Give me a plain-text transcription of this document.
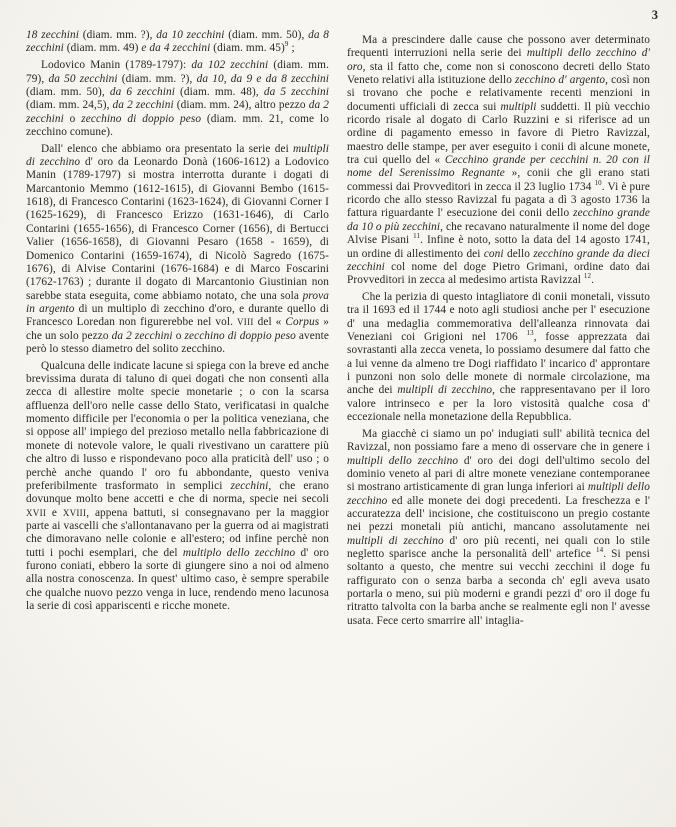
3

18 zecchini (diam. mm. ?), da 10 zecchini (diam. mm. 50), da 8 zecchini (diam. mm. 49) e da 4 zecchini (diam. mm. 45)$^9$ ;

Lodovico Manin (1789-1797): da 102 zecchini (diam. mm. 79), da 50 zecchini (diam. mm. ?), da 10, da 9 e da 8 zecchini (diam. mm. 50), da 6 zecchini (diam. mm. 48), da 5 zecchini (diam. mm. 24,5), da 2 zecchini (diam. mm. 24), altro pezzo da 2 zecchini o zecchino di doppio peso (diam. mm. 21, come lo zecchino comune).

Dall' elenco che abbiamo ora presentato la serie dei multipli di zecchino d' oro da Leonardo Donà (1606-1612) a Lodovico Manin (1789-1797) si mostra interrotta durante i dogati di Marcantonio Memmo (1612-1615), di Giovanni Bembo (1615-1618), di Francesco Contarini (1623-1624), di Giovanni Corner I (1625-1629), di Francesco Erizzo (1631-1646), di Carlo Contarini (1655-1656), di Francesco Corner (1656), di Bertucci Valier (1656-1658), di Giovanni Pesaro (1658 - 1659), di Domenico Contarini (1659-1674), di Nicolò Sagredo (1675-1676), di Alvise Contarini (1676-1684) e di Marco Foscarini (1762-1763) ; durante il dogato di Marcantonio Giustinian non sarebbe stata eseguita, come abbiamo notato, che una sola prova in argento di un multiplo di zecchino d'oro, e durante quello di Francesco Loredan non figurerebbe nel vol. VIII del « Corpus » che un solo pezzo da 2 zecchini o zecchino di doppio peso avente però lo stesso diametro del solito zecchino.

Qualcuna delle indicate lacune si spiega con la breve ed anche brevissima durata di taluno di quei dogati che non consentì alla zecca di allestire molte specie monetarie ; o con la scarsa affluenza dell'oro nelle casse dello Stato, verificatasi in qualche momento difficile per l'economia o per la politica veneziana, che si oppose all' impiego del prezioso metallo nella fabbricazione di monete di notevole valore, le quali rivestivano un carattere più che altro di lusso e rispondevano poco alla praticità dell' uso ; o perchè anche quando l' oro fu abbondante, questo veniva preferibilmente trasformato in semplici zecchini, che erano dovunque molto bene accetti e che di norma, specie nei secoli XVII e XVIII, appena battuti, si consegnavano per la maggior parte ai vascelli che s'allontanavano per la guerra od ai magistrati che dimoravano nelle colonie e all'estero; od infine perchè non tutti i pochi esemplari, che del multiplo dello zecchino d' oro furono coniati, ebbero la sorte di giungere sino a noi od almeno alla nostra conoscenza. In quest' ultimo caso, è sempre sperabile che qualche nuovo pezzo venga in luce, rendendo meno lacunosa la serie di così appariscenti e ricche monete.

Ma a prescindere dalle cause che possono aver determinato frequenti interruzioni nella serie dei multipli dello zecchino d' oro, sta il fatto che, come non si conoscono decreti dello Stato Veneto relativi alla istituzione dello zecchino d' argento, così non si trovano che poche e relativamente recenti menzioni in documenti ufficiali di zecca sui multipli suddetti. Il più vecchio ricordo risale al dogato di Carlo Ruzzini e si riferisce ad un ordine di pagamento emesso in favore di Pietro Ravizzal, maestro delle stampe, per aver eseguito i conii di alcune monete, tra cui quello del « Cecchino grande per cecchini n. 20 con il nome del Serenissimo Regnante », conii che gli erano stati commessi dai Provveditori in zecca il 23 luglio 1734 $^{10}$. Vi è pure ricordo che allo stesso Ravizzal fu pagata a dì 3 agosto 1736 la fattura riguardante l' esecuzione dei conii dello zecchino grande da 10 o più zecchini, che recavano naturalmente il nome del doge Alvise Pisani $^{11}$. Infine è noto, sotto la data del 14 agosto 1741, un ordine di allestimento dei coni dello zecchino grande da dieci zecchini col nome del doge Pietro Grimani, ordine dato dai Provveditori in zecca al medesimo artista Ravizzal $^{12}$.

Che la perizia di questo intagliatore di conii monetali, vissuto tra il 1693 ed il 1744 e noto agli studiosi anche per l' esecuzione d' una medaglia commemorativa dell'alleanza rinnovata dai Veneziani coi Grigioni nel 1706 $^{13}$, fosse apprezzata dai sovrastanti alla zecca veneta, lo possiamo desumere dal fatto che a lui venne da almeno tre Dogi riaffidato l' incarico d' approntare i punzoni non solo delle monete di normale circolazione, ma anche dei multipli di zecchino, che rappresentavano per il loro valore intrinseco e per la loro vistosità qualche cosa d' eccezionale nella monetazione della Repubblica.

Ma giacchè ci siamo un po' indugiati sull' abilità tecnica del Ravizzal, non possiamo fare a meno di osservare che in genere i multipli dello zecchino d' oro dei dogi dell'ultimo secolo del dominio veneto al pari di altre monete veneziane contemporanee si mostrano artisticamente di gran lunga inferiori ai multipli dello zecchino ed alle monete dei dogi precedenti. La freschezza e l' accuratezza dell' incisione, che costituiscono un pregio costante nei pezzi monetali più antichi, mancano assolutamente nei multipli di zecchino d' oro più recenti, nei quali con lo stile negletto sparisce anche la personalità dell' artefice $^{14}$. Si pensi soltanto a questo, che mentre sui vecchi zecchini il doge fu raffigurato con o senza barba a seconda ch' egli aveva usato portarla o meno, sui più moderni e grandi pezzi d' oro il doge fu ritratto talvolta con la barba anche se realmente egli non l' avesse usata. Fece certo smarrire all' intaglia-
